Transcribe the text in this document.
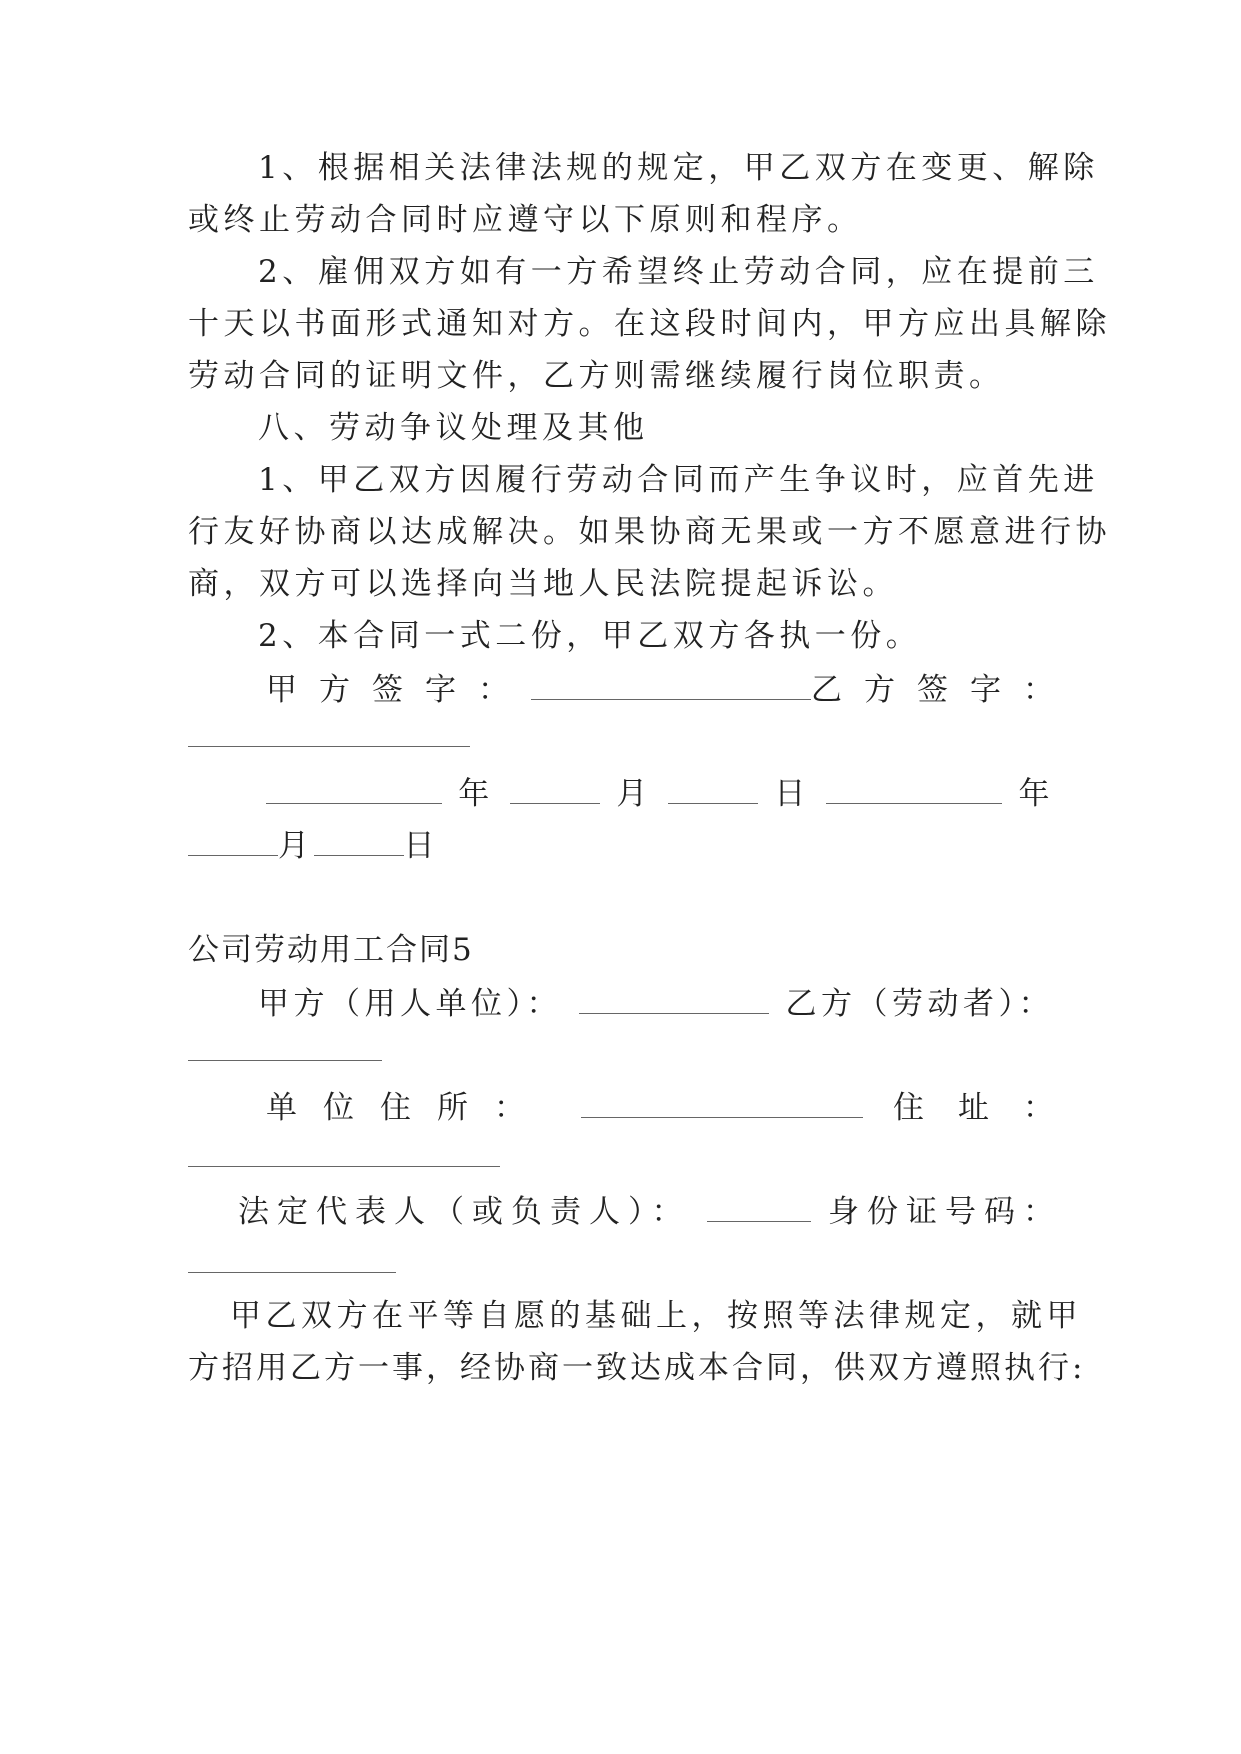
1、根据相关法律法规的规定，甲乙双方在变更、解除
或终止劳动合同时应遵守以下原则和程序。
2、雇佣双方如有一方希望终止劳动合同，应在提前三
十天以书面形式通知对方。在这段时间内，甲方应出具解除
劳动合同的证明文件，乙方则需继续履行岗位职责。
八、劳动争议处理及其他
1、甲乙双方因履行劳动合同而产生争议时，应首先进
行友好协商以达成解决。如果协商无果或一方不愿意进行协
商，双方可以选择向当地人民法院提起诉讼。
2、本合同一式二份，甲乙双方各执一份。
甲方签字：	乙方签字：
年	月	日	年
月	日
公司劳动用工合同5
甲方（用人单位）：	乙方（劳动者）：
单位住所：	住址：
法定代表人（或负责人）：	身份证号码：
甲乙双方在平等自愿的基础上，按照等法律规定，就甲
方招用乙方一事，经协商一致达成本合同，供双方遵照执行:
